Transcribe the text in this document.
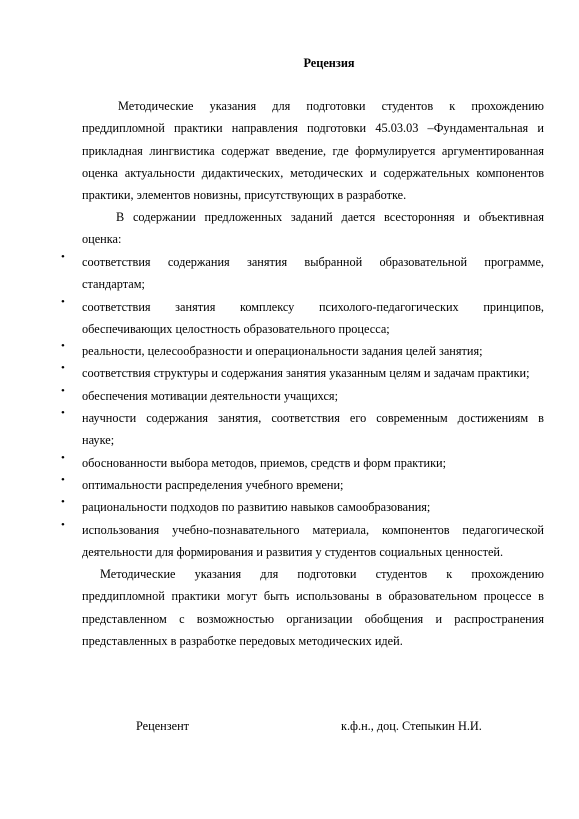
Рецензия
Методические указания для подготовки студентов к прохождению
преддипломной практики направления подготовки 45.03.03 –Фундаментальная и
прикладная лингвистика содержат введение, где формулируется аргументированная
оценка актуальности дидактических, методических и содержательных компонентов
практики, элементов новизны, присутствующих в разработке.
В содержании предложенных заданий дается всесторонняя и объективная
оценка:
• соответствия содержания занятия выбранной образовательной программе,
стандартам;
• соответствия занятия комплексу психолого-педагогических принципов,
обеспечивающих целостность образовательного процесса;
• реальности, целесообразности и операциональности задания целей занятия;
• соответствия структуры и содержания занятия указанным целям и задачам практики;
• обеспечения мотивации деятельности учащихся;
• научности содержания занятия, соответствия его современным достижениям в
науке;
• обоснованности выбора методов, приемов, средств и форм практики;
• оптимальности распределения учебного времени;
• рациональности подходов по развитию навыков самообразования;
• использования учебно-познавательного материала, компонентов педагогической
деятельности для формирования и развития у студентов социальных ценностей.
Методические указания для подготовки студентов к прохождению
преддипломной практики могут быть использованы в образовательном процессе в
представленном с возможностью организации обобщения и распространения
представленных в разработке передовых методических идей.
Рецензент	к.ф.н., доц. Степыкин Н.И.
